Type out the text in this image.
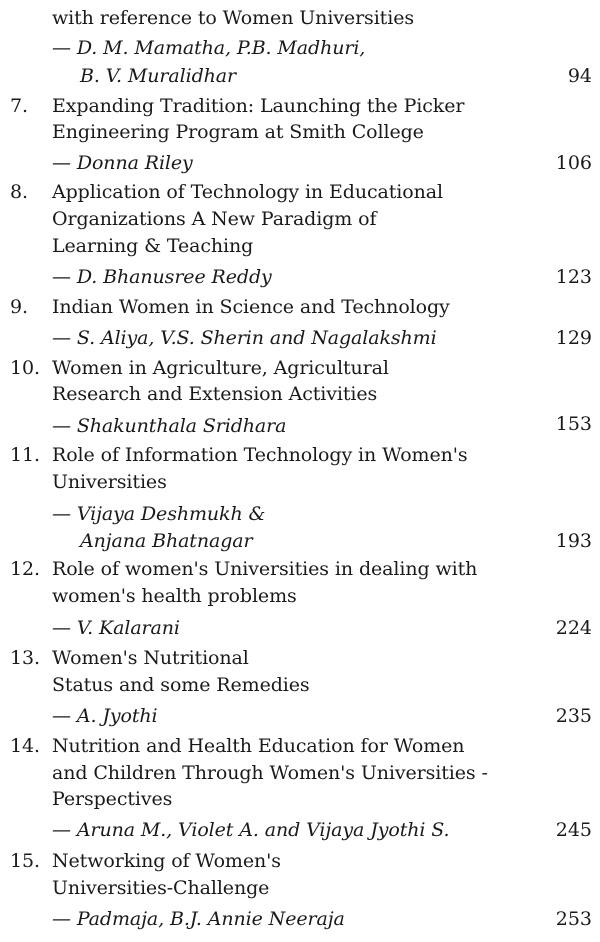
with reference to Women Universities
— D. M. Mamatha, P.B. Madhuri,
B. V. Muralidhar	94
7. Expanding Tradition: Launching the Picker
Engineering Program at Smith College
— Donna Riley	106
8. Application of Technology in Educational
Organizations A New Paradigm of
Learning & Teaching
— D. Bhanusree Reddy	123
9. Indian Women in Science and Technology
— S. Aliya, V.S. Sherin and Nagalakshmi	129
10. Women in Agriculture, Agricultural
Research and Extension Activities
— Shakunthala Sridhara	153
11. Role of Information Technology in Women's
Universities
— Vijaya Deshmukh &
Anjana Bhatnagar	193
12. Role of women's Universities in dealing with
women's health problems
— V. Kalarani	224
13. Women's Nutritional
Status and some Remedies
— A. Jyothi	235
14. Nutrition and Health Education for Women
and Children Through Women's Universities -
Perspectives
— Aruna M., Violet A. and Vijaya Jyothi S.	245
15. Networking of Women's
Universities-Challenge
— Padmaja, B.J. Annie Neeraja	253
